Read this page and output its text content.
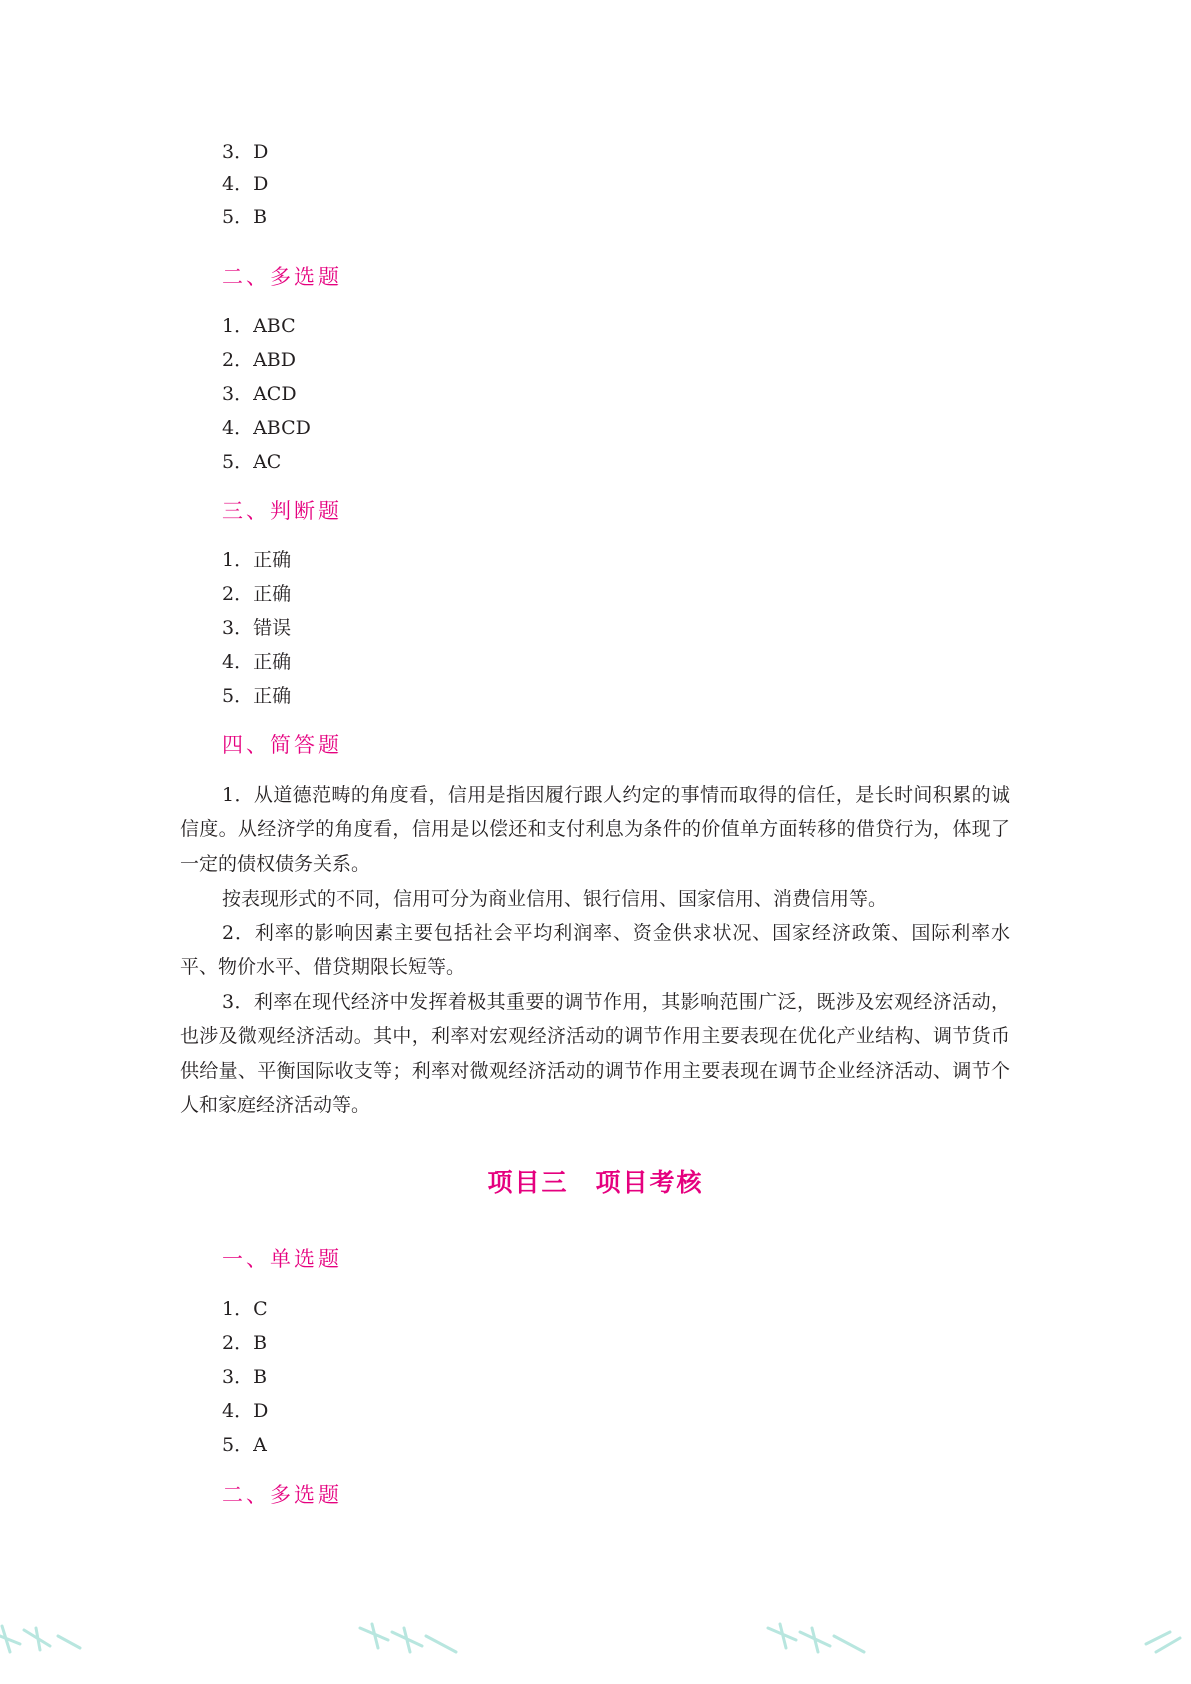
3．D
4．D
5．B
二、多选题
1．ABC
2．ABD
3．ACD
4．ABCD
5．AC
三、判断题
1．正确
2．正确
3．错误
4．正确
5．正确
四、简答题
1．从道德范畴的角度看，信用是指因履行跟人约定的事情而取得的信任，是长时间积累的诚信度。从经济学的角度看，信用是以偿还和支付利息为条件的价值单方面转移的借贷行为，体现了一定的债权债务关系。
按表现形式的不同，信用可分为商业信用、银行信用、国家信用、消费信用等。
2．利率的影响因素主要包括社会平均利润率、资金供求状况、国家经济政策、国际利率水平、物价水平、借贷期限长短等。
3．利率在现代经济中发挥着极其重要的调节作用，其影响范围广泛，既涉及宏观经济活动，也涉及微观经济活动。其中，利率对宏观经济活动的调节作用主要表现在优化产业结构、调节货币供给量、平衡国际收支等；利率对微观经济活动的调节作用主要表现在调节企业经济活动、调节个人和家庭经济活动等。
项目三　项目考核
一、单选题
1．C
2．B
3．B
4．D
5．A
二、多选题
